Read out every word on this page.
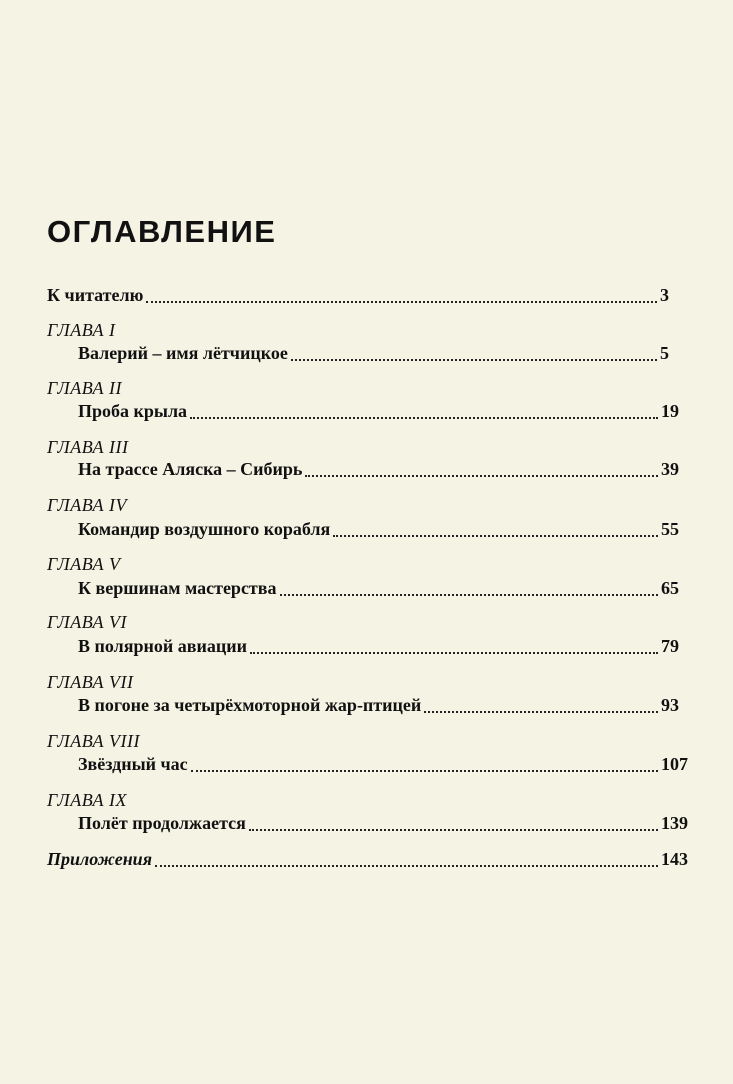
ОГЛАВЛЕНИЕ
К читателю	3
ГЛАВА I
Валерий – имя лётчицкое	5
ГЛАВА II
Проба крыла	19
ГЛАВА III
На трассе Аляска – Сибирь	39
ГЛАВА IV
Командир воздушного корабля	55
ГЛАВА V
К вершинам мастерства	65
ГЛАВА VI
В полярной авиации	79
ГЛАВА VII
В погоне за четырёхмоторной жар-птицей	93
ГЛАВА VIII
Звёздный час	107
ГЛАВА IX
Полёт продолжается	139
Приложения	143
